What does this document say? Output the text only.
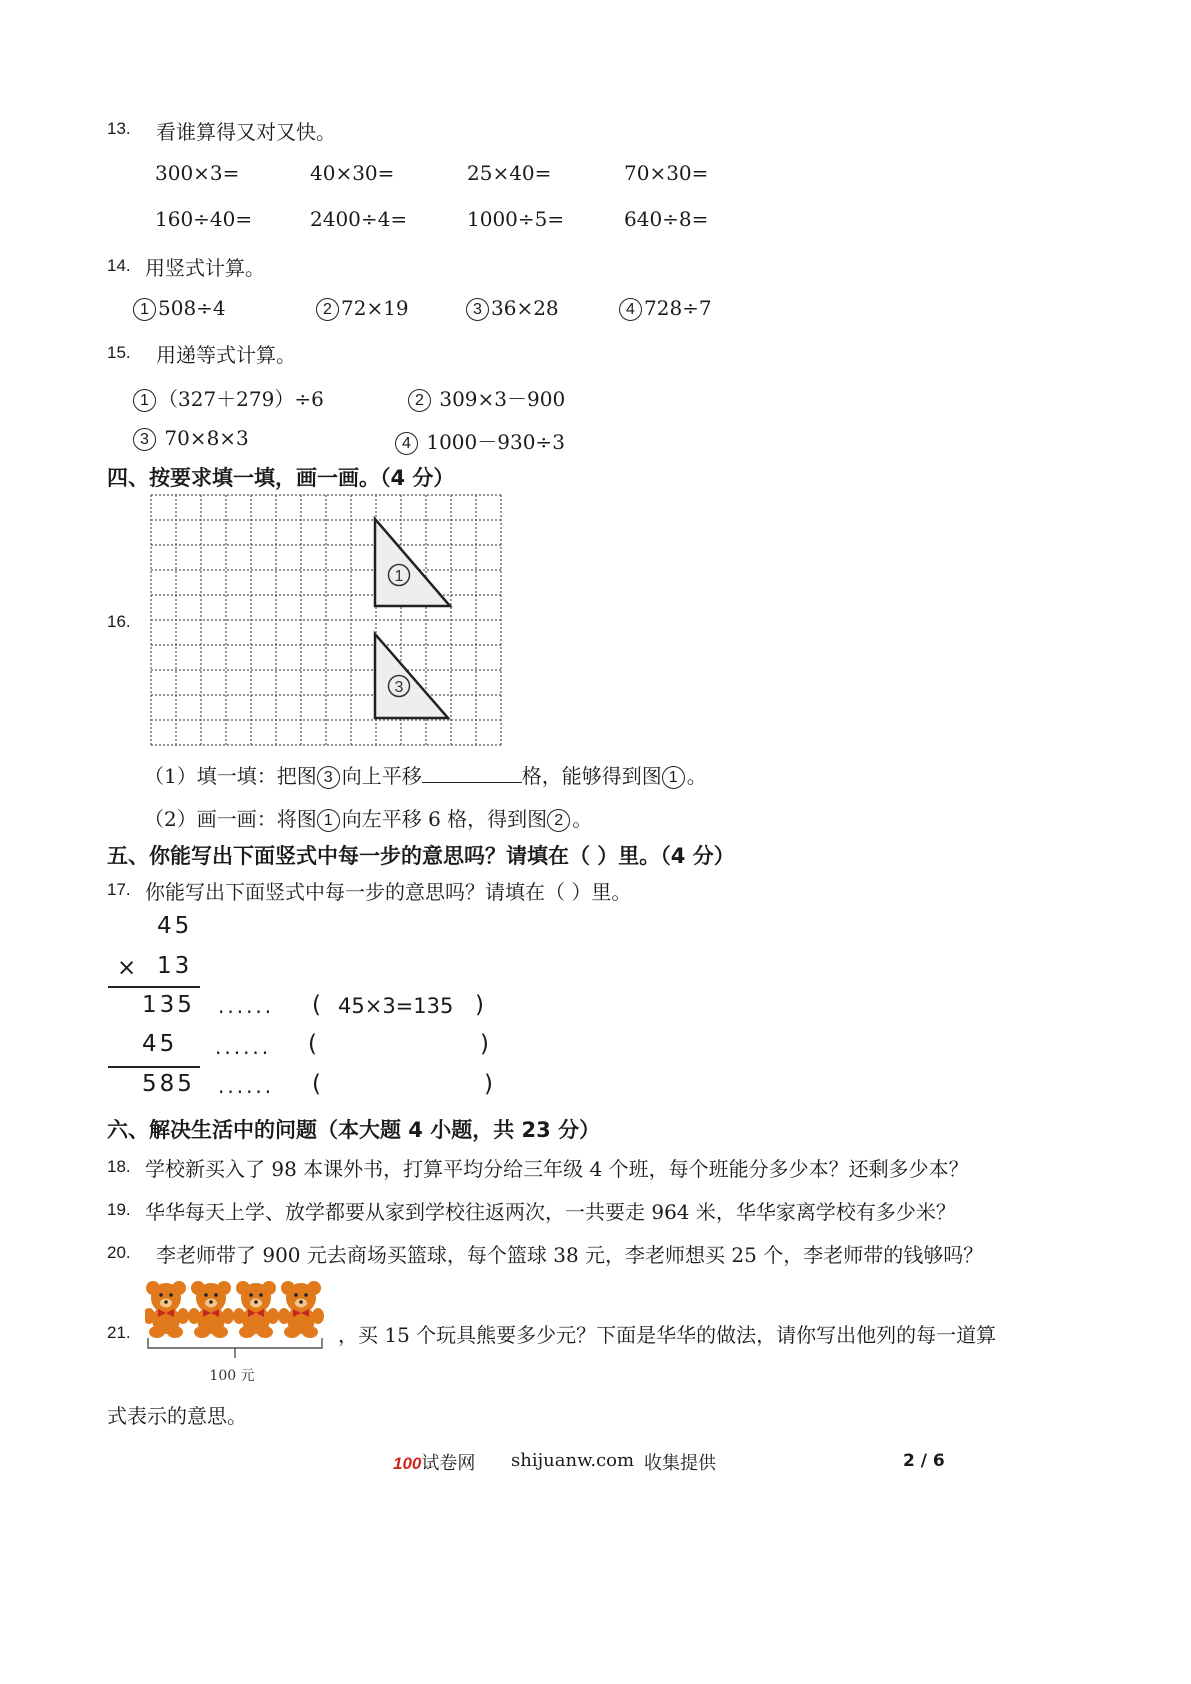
13. 看谁算得又对又快。
300×3=	40×30=	25×40=	70×30=
160÷40=	2400÷4=	1000÷5=	640÷8=
14. 用竖式计算。
1 508÷4	2 72×19	3 36×28	4 728÷7
15. 用递等式计算。
1 （327＋279）÷6	2 309×3－900
3 70×8×3	4 1000－930÷3
四、按要求填一填，画一画。（4 分）
16.
1
3
（1）填一填：把图 3 向上平移	格，能够得到图 1 。
（2）画一画：将图 1 向左平移 6 格，得到图 2 。
五、你能写出下面竖式中每一步的意思吗？请填在（ ）里。（4 分）
17. 你能写出下面竖式中每一步的意思吗？请填在（ ）里。
45
× 13
135 ...... ( 45×3=135 )
45 ...... (	)
585 ...... (	)
六、解决生活中的问题（本大题 4 小题，共 23 分）
18. 学校新买入了 98 本课外书，打算平均分给三年级 4 个班，每个班能分多少本？还剩多少本？
19. 华华每天上学、放学都要从家到学校往返两次，一共要走 964 米，华华家离学校有多少米？
20. 李老师带了 900 元去商场买篮球，每个篮球 38 元，李老师想买 25 个，李老师带的钱够吗？
21.
100 元
，买 15 个玩具熊要多少元？下面是华华的做法，请你写出他列的每一道算
式表示的意思。
100试卷网 shijuanw.com 收集提供	2 / 6
